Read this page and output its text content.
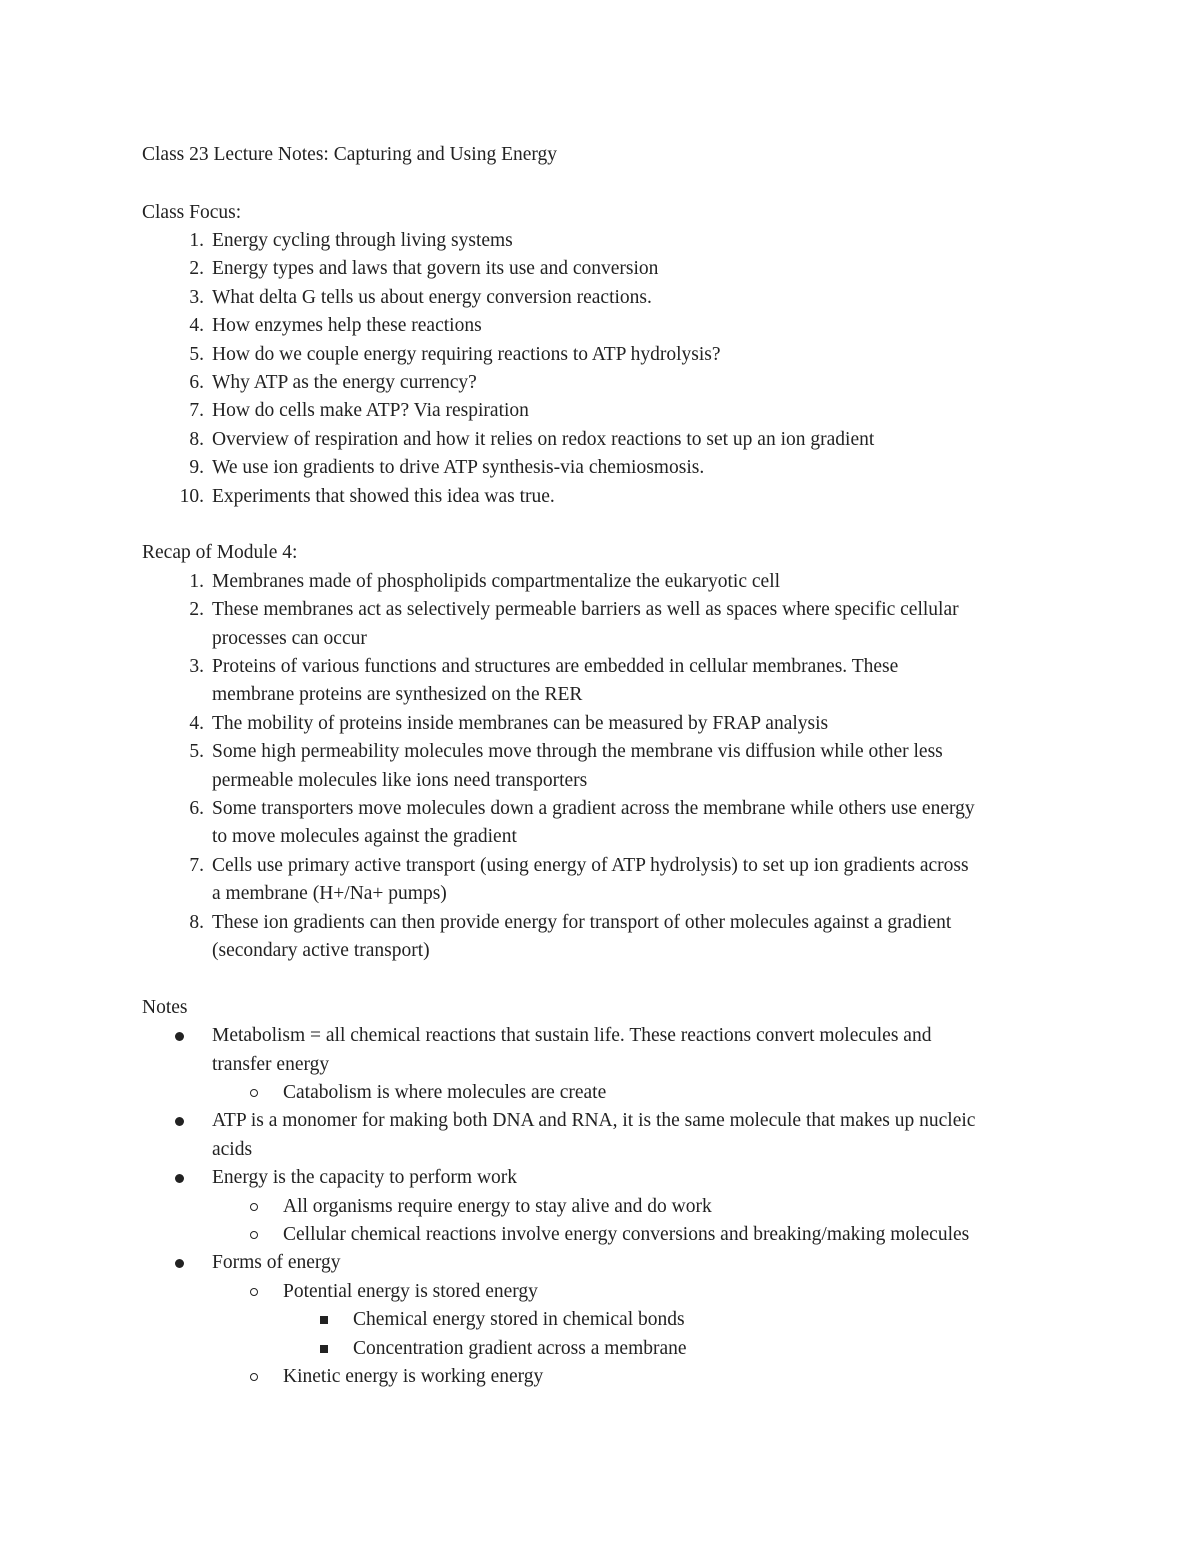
Class 23 Lecture Notes: Capturing and Using Energy
Class Focus:
1. Energy cycling through living systems
2. Energy types and laws that govern its use and conversion
3. What delta G tells us about energy conversion reactions.
4. How enzymes help these reactions
5. How do we couple energy requiring reactions to ATP hydrolysis?
6. Why ATP as the energy currency?
7. How do cells make ATP? Via respiration
8. Overview of respiration and how it relies on redox reactions to set up an ion gradient
9. We use ion gradients to drive ATP synthesis-via chemiosmosis.
10. Experiments that showed this idea was true.
Recap of Module 4:
1. Membranes made of phospholipids compartmentalize the eukaryotic cell
2. These membranes act as selectively permeable barriers as well as spaces where specific cellular
processes can occur
3. Proteins of various functions and structures are embedded in cellular membranes. These
membrane proteins are synthesized on the RER
4. The mobility of proteins inside membranes can be measured by FRAP analysis
5. Some high permeability molecules move through the membrane vis diffusion while other less
permeable molecules like ions need transporters
6. Some transporters move molecules down a gradient across the membrane while others use energy
to move molecules against the gradient
7. Cells use primary active transport (using energy of ATP hydrolysis) to set up ion gradients across
a membrane (H+/Na+ pumps)
8. These ion gradients can then provide energy for transport of other molecules against a gradient
(secondary active transport)
Notes
Metabolism = all chemical reactions that sustain life. These reactions convert molecules and
transfer energy
Catabolism is where molecules are create
ATP is a monomer for making both DNA and RNA, it is the same molecule that makes up nucleic
acids
Energy is the capacity to perform work
All organisms require energy to stay alive and do work
Cellular chemical reactions involve energy conversions and breaking/making molecules
Forms of energy
Potential energy is stored energy
Chemical energy stored in chemical bonds
Concentration gradient across a membrane
Kinetic energy is working energy
